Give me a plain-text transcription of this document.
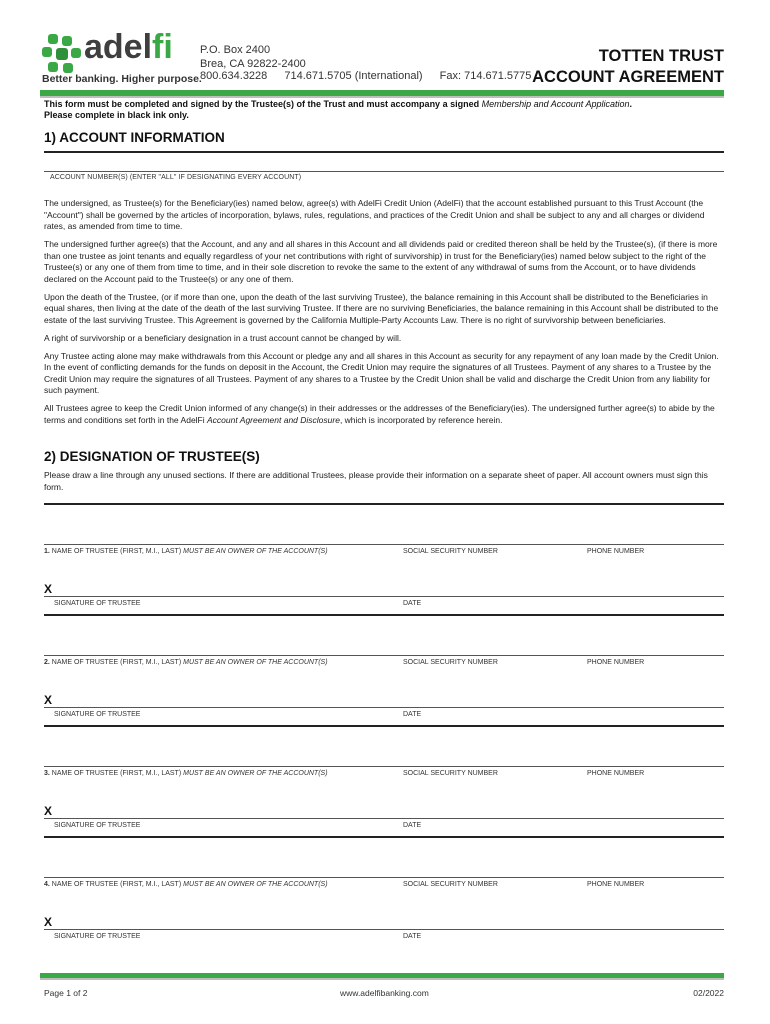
adelfi
Better banking. Higher purpose.
P.O. Box 2400
Brea, CA 92822-2400
800.634.3228 714.671.5705 (International) Fax: 714.671.5775
TOTTEN TRUST
ACCOUNT AGREEMENT
This form must be completed and signed by the Trustee(s) of the Trust and must accompany a signed Membership and Account Application.
Please complete in black ink only.
1) ACCOUNT INFORMATION
ACCOUNT NUMBER(S) (ENTER "ALL" IF DESIGNATING EVERY ACCOUNT)

The undersigned, as Trustee(s) for the Beneficiary(ies) named below, agree(s) with AdelFi Credit Union (AdelFi) that the account established pursuant to this Trust Account (the "Account") shall be governed by the articles of incorporation, bylaws, rules, regulations, and practices of the Credit Union and shall be subject to any and all charges or dividend rates, as amended from time to time.

The undersigned further agree(s) that the Account, and any and all shares in this Account and all dividends paid or credited thereon shall be held by the Trustee(s), (if there is more than one trustee as joint tenants and equally regardless of your net contributions with right of survivorship) in trust for the Beneficiary(ies) named below subject to the right of the Trustee(s) or any one of them from time to time, and in their sole discretion to revoke the same to the extent of any withdrawal of sums from the Account, or to have dividends declared on the Account paid to the Trustee(s) or any one of them.

Upon the death of the Trustee, (or if more than one, upon the death of the last surviving Trustee), the balance remaining in this Account shall be distributed to the Beneficiaries in equal shares, then living at the date of the death of the last surviving Trustee. If there are no surviving Beneficiaries, the balance remaining in this Account shall be distributed to the estate of the last surviving Trustee. This Agreement is governed by the California Multiple-Party Accounts Law. There is no right of survivorship between beneficiaries.

A right of survivorship or a beneficiary designation in a trust account cannot be changed by will.

Any Trustee acting alone may make withdrawals from this Account or pledge any and all shares in this Account as security for any repayment of any loan made by the Credit Union. In the event of conflicting demands for the funds on deposit in the Account, the Credit Union may require the signatures of all Trustees. Payment of any shares to a Trustee by the Credit Union may require the signatures of all Trustees. Payment of any shares to a Trustee by the Credit Union shall be valid and discharge the Credit Union from any liability for such payment.

All Trustees agree to keep the Credit Union informed of any change(s) in their addresses or the addresses of the Beneficiary(ies). The undersigned further agree(s) to abide by the terms and conditions set forth in the AdelFi Account Agreement and Disclosure, which is incorporated by reference herein.

2) DESIGNATION OF TRUSTEE(S)
Please draw a line through any unused sections. If there are additional Trustees, please provide their information on a separate sheet of paper. All account owners must sign this form.
1. NAME OF TRUSTEE (FIRST, M.I., LAST) MUST BE AN OWNER OF THE ACCOUNT(S)	SOCIAL SECURITY NUMBER	PHONE NUMBER
X
SIGNATURE OF TRUSTEE	DATE
2. NAME OF TRUSTEE (FIRST, M.I., LAST) MUST BE AN OWNER OF THE ACCOUNT(S)	SOCIAL SECURITY NUMBER	PHONE NUMBER
X
SIGNATURE OF TRUSTEE	DATE
3. NAME OF TRUSTEE (FIRST, M.I., LAST) MUST BE AN OWNER OF THE ACCOUNT(S)	SOCIAL SECURITY NUMBER	PHONE NUMBER
X
SIGNATURE OF TRUSTEE	DATE
4. NAME OF TRUSTEE (FIRST, M.I., LAST) MUST BE AN OWNER OF THE ACCOUNT(S)	SOCIAL SECURITY NUMBER	PHONE NUMBER
X
SIGNATURE OF TRUSTEE	DATE
Page 1 of 2	www.adelfibanking.com	02/2022
